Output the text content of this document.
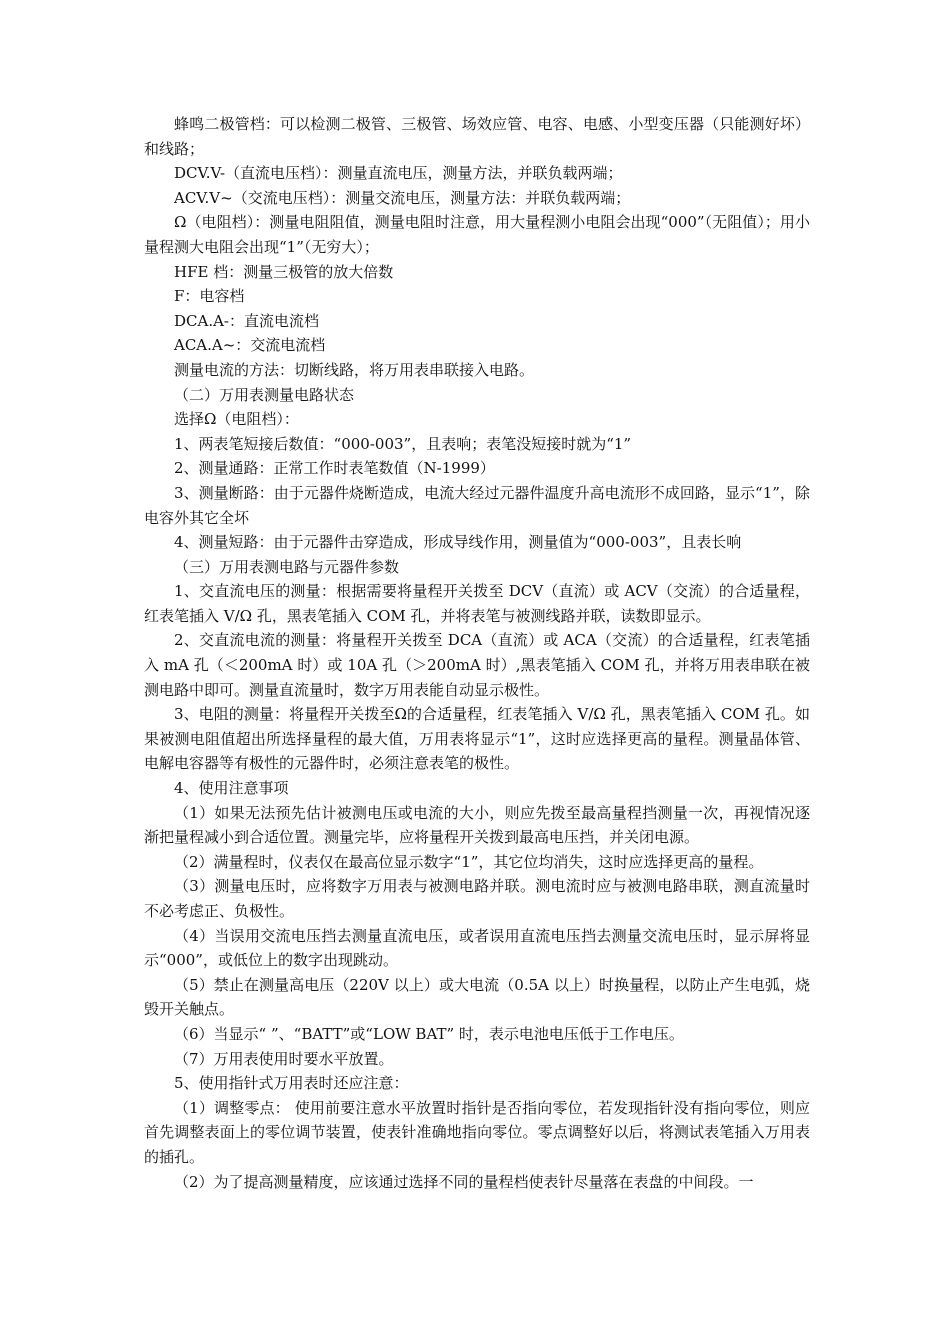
蜂鸣二极管档：可以检测二极管、三极管、场效应管、电容、电感、小型变压器（只能测好坏）和线路；

DCV.V-（直流电压档）：测量直流电压，测量方法，并联负载两端；

ACV.V~（交流电压档）：测量交流电压，测量方法：并联负载两端；

Ω（电阻档）：测量电阻阻值，测量电阻时注意，用大量程测小电阻会出现“000”（无阻值）；用小量程测大电阻会出现“1”（无穷大）；

HFE 档：测量三极管的放大倍数

F：电容档

DCA.A-：直流电流档

ACA.A~：交流电流档

测量电流的方法：切断线路，将万用表串联接入电路。

（二）万用表测量电路状态

选择Ω（电阻档）：

1、两表笔短接后数值：“000-003”，且表响；表笔没短接时就为“1”

2、测量通路：正常工作时表笔数值（N-1999）

3、测量断路：由于元器件烧断造成，电流大经过元器件温度升高电流形不成回路，显示“1”，除电容外其它全坏

4、测量短路：由于元器件击穿造成，形成导线作用，测量值为“000-003”，且表长响

（三）万用表测电路与元器件参数

1、交直流电压的测量：根据需要将量程开关拨至 DCV（直流）或 ACV（交流）的合适量程，红表笔插入 V/Ω 孔，黑表笔插入 COM 孔，并将表笔与被测线路并联，读数即显示。

2、交直流电流的测量：将量程开关拨至 DCA（直流）或 ACA（交流）的合适量程，红表笔插入 mA 孔（＜200mA 时）或 10A 孔（＞200mA 时）,黑表笔插入 COM 孔，并将万用表串联在被测电路中即可。测量直流量时，数字万用表能自动显示极性。

3、电阻的测量：将量程开关拨至Ω的合适量程，红表笔插入 V/Ω 孔，黑表笔插入 COM 孔。如果被测电阻值超出所选择量程的最大值，万用表将显示“1”，这时应选择更高的量程。测量晶体管、电解电容器等有极性的元器件时，必须注意表笔的极性。

4、使用注意事项

（1）如果无法预先估计被测电压或电流的大小，则应先拨至最高量程挡测量一次，再视情况逐渐把量程减小到合适位置。测量完毕，应将量程开关拨到最高电压挡，并关闭电源。

（2）满量程时，仪表仅在最高位显示数字“1”，其它位均消失，这时应选择更高的量程。

（3）测量电压时，应将数字万用表与被测电路并联。测电流时应与被测电路串联，测直流量时不必考虑正、负极性。

（4）当误用交流电压挡去测量直流电压，或者误用直流电压挡去测量交流电压时，显示屏将显示“000”，或低位上的数字出现跳动。

（5）禁止在测量高电压（220V 以上）或大电流（0.5A 以上）时换量程，以防止产生电弧，烧毁开关触点。

（6）当显示“ ”、“BATT”或“LOW BAT” 时，表示电池电压低于工作电压。

（7）万用表使用时要水平放置。

5、使用指针式万用表时还应注意：

（1）调整零点： 使用前要注意水平放置时指针是否指向零位，若发现指针没有指向零位，则应首先调整表面上的零位调节装置，使表针准确地指向零位。零点调整好以后，将测试表笔插入万用表的插孔。

（2）为了提高测量精度，应该通过选择不同的量程档使表针尽量落在表盘的中间段。一
